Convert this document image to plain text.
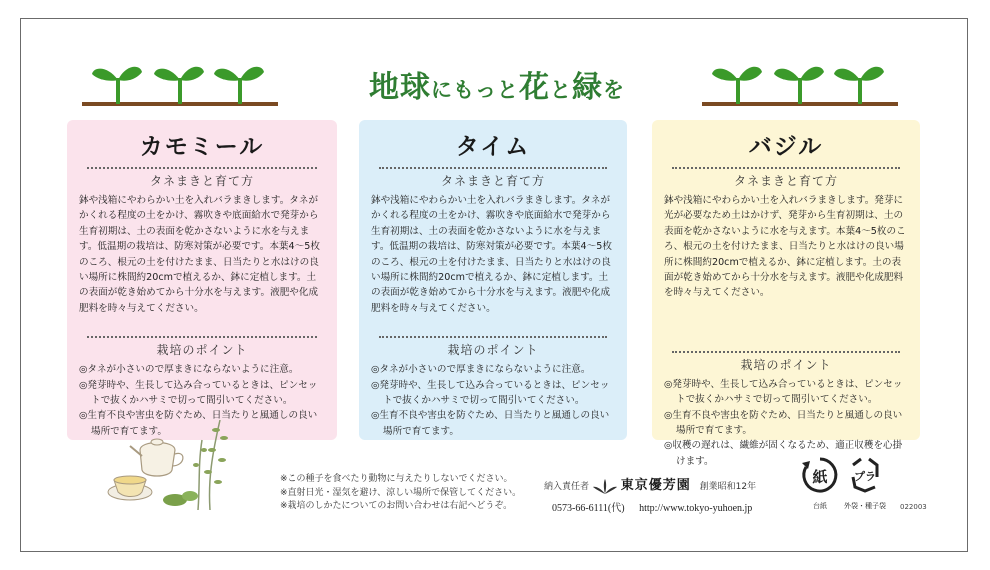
地球にもっと花と緑を
カモミール
タネまきと育て方

鉢や浅箱にやわらかい土を入れバラまきします。タネがかくれる程度の土をかけ、霧吹きや底面給水で発芽から生育初期は、土の表面を乾かさないように水を与えます。低温期の栽培は、防寒対策が必要です。本葉4～5枚のころ、根元の土を付けたまま、日当たりと水はけの良い場所に株間約20cmで植えるか、鉢に定植します。土の表面が乾き始めてから十分水を与えます。液肥や化成肥料を時々与えてください。

栽培のポイント
◎タネが小さいので厚まきにならないように注意。
◎発芽時や、生長して込み合っているときは、ピンセットで抜くかハサミで切って間引いてください。
◎生育不良や害虫を防ぐため、日当たりと風通しの良い場所で育てます。
タイム
タネまきと育て方

鉢や浅箱にやわらかい土を入れバラまきします。タネがかくれる程度の土をかけ、霧吹きや底面給水で発芽から生育初期は、土の表面を乾かさないように水を与えます。低温期の栽培は、防寒対策が必要です。本葉4～5枚のころ、根元の土を付けたまま、日当たりと水はけの良い場所に株間約20cmで植えるか、鉢に定植します。土の表面が乾き始めてから十分水を与えます。液肥や化成肥料を時々与えてください。

栽培のポイント
◎タネが小さいので厚まきにならないように注意。
◎発芽時や、生長して込み合っているときは、ピンセットで抜くかハサミで切って間引いてください。
◎生育不良や害虫を防ぐため、日当たりと風通しの良い場所で育てます。
バジル
タネまきと育て方

鉢や浅箱にやわらかい土を入れバラまきします。発芽に光が必要なため土はかけず、発芽から生育初期は、土の表面を乾かさないように水を与えます。本葉4～5枚のころ、根元の土を付けたまま、日当たりと水はけの良い場所に株間約20cmで植えるか、鉢に定植します。土の表面が乾き始めてから十分水を与えます。液肥や化成肥料を時々与えてください。

栽培のポイント
◎発芽時や、生長して込み合っているときは、ピンセットで抜くかハサミで切って間引いてください。
◎生育不良や害虫を防ぐため、日当たりと風通しの良い場所で育てます。
◎収穫の遅れは、繊維が固くなるため、適正収穫を心掛けます。
※この種子を食べたり動物に与えたりしないでください。
※直射日光・湿気を避け、涼しい場所で保管してください。
※栽培のしかたについてのお問い合わせは右記へどうぞ。
納入責任者 東京優芳園 創業昭和12年
0573-66-6111(代) http://www.tokyo-yuhoen.jp
紙
台紙
プラ
外袋・種子袋 022003
